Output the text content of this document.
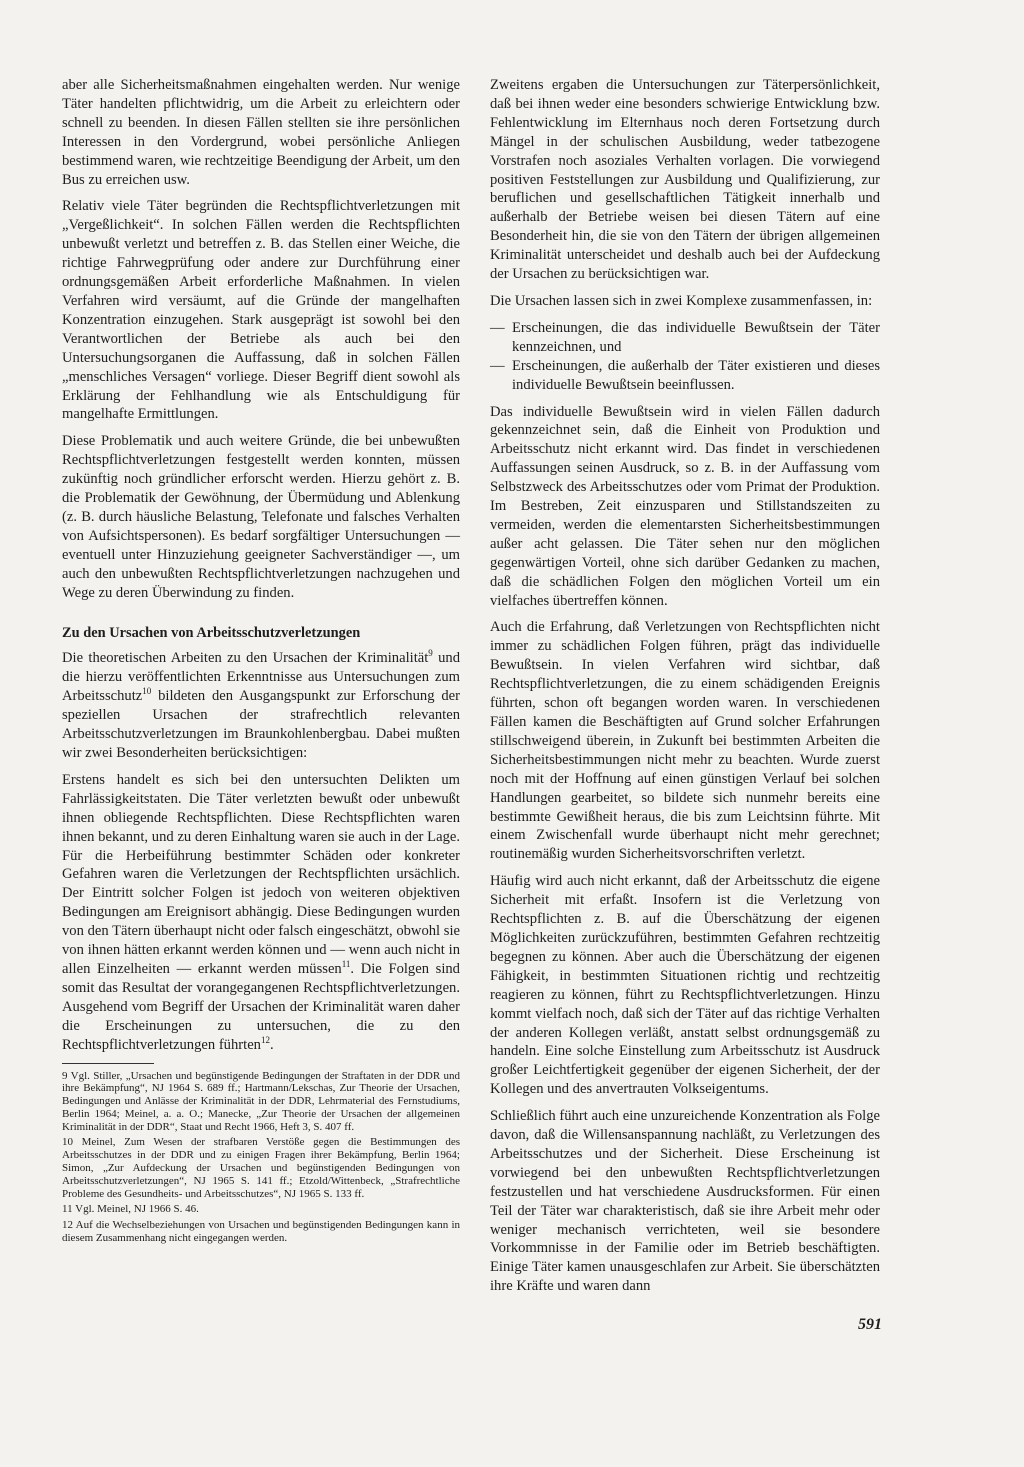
aber alle Sicherheitsmaßnahmen eingehalten werden. Nur wenige Täter handelten pflichtwidrig, um die Arbeit zu erleichtern oder schnell zu beenden. In diesen Fällen stellten sie ihre persönlichen Interessen in den Vordergrund, wobei persönliche Anliegen bestimmend waren, wie rechtzeitige Beendigung der Arbeit, um den Bus zu erreichen usw.

Relativ viele Täter begründen die Rechtspflichtverletzungen mit „Vergeßlichkeit“. In solchen Fällen werden die Rechtspflichten unbewußt verletzt und betreffen z. B. das Stellen einer Weiche, die richtige Fahrwegprüfung oder andere zur Durchführung einer ordnungsgemäßen Arbeit erforderliche Maßnahmen. In vielen Verfahren wird versäumt, auf die Gründe der mangelhaften Konzentration einzugehen. Stark ausgeprägt ist sowohl bei den Verantwortlichen der Betriebe als auch bei den Untersuchungsorganen die Auffassung, daß in solchen Fällen „menschliches Versagen“ vorliege. Dieser Begriff dient sowohl als Erklärung der Fehlhandlung wie als Entschuldigung für mangelhafte Ermittlungen.

Diese Problematik und auch weitere Gründe, die bei unbewußten Rechtspflichtverletzungen festgestellt werden konnten, müssen zukünftig noch gründlicher erforscht werden. Hierzu gehört z. B. die Problematik der Gewöhnung, der Übermüdung und Ablenkung (z. B. durch häusliche Belastung, Telefonate und falsches Verhalten von Aufsichtspersonen). Es bedarf sorgfältiger Untersuchungen — eventuell unter Hinzuziehung geeigneter Sachverständiger —, um auch den unbewußten Rechtspflichtverletzungen nachzugehen und Wege zu deren Überwindung zu finden.

Zu den Ursachen von Arbeitsschutzverletzungen

Die theoretischen Arbeiten zu den Ursachen der Kriminalität$^9$ und die hierzu veröffentlichten Erkenntnisse aus Untersuchungen zum Arbeitsschutz$^{10}$ bildeten den Ausgangspunkt zur Erforschung der speziellen Ursachen der strafrechtlich relevanten Arbeitsschutzverletzungen im Braunkohlenbergbau. Dabei mußten wir zwei Besonderheiten berücksichtigen:

Erstens handelt es sich bei den untersuchten Delikten um Fahrlässigkeitstaten. Die Täter verletzten bewußt oder unbewußt ihnen obliegende Rechtspflichten. Diese Rechtspflichten waren ihnen bekannt, und zu deren Einhaltung waren sie auch in der Lage. Für die Herbeiführung bestimmter Schäden oder konkreter Gefahren waren die Verletzungen der Rechtspflichten ursächlich. Der Eintritt solcher Folgen ist jedoch von weiteren objektiven Bedingungen am Ereignisort abhängig. Diese Bedingungen wurden von den Tätern überhaupt nicht oder falsch eingeschätzt, obwohl sie von ihnen hätten erkannt werden können und — wenn auch nicht in allen Einzelheiten — erkannt werden müssen$^{11}$. Die Folgen sind somit das Resultat der vorangegangenen Rechtspflichtverletzungen. Ausgehend vom Begriff der Ursachen der Kriminalität waren daher die Erscheinungen zu untersuchen, die zu den Rechtspflichtverletzungen führten$^{12}$.

9 Vgl. Stiller, „Ursachen und begünstigende Bedingungen der Straftaten in der DDR und ihre Bekämpfung“, NJ 1964 S. 689 ff.; Hartmann/Lekschas, Zur Theorie der Ursachen, Bedingungen und Anlässe der Kriminalität in der DDR, Lehrmaterial des Fernstudiums, Berlin 1964; Meinel, a. a. O.; Manecke, „Zur Theorie der Ursachen der allgemeinen Kriminalität in der DDR“, Staat und Recht 1966, Heft 3, S. 407 ff.

10 Meinel, Zum Wesen der strafbaren Verstöße gegen die Bestimmungen des Arbeitsschutzes in der DDR und zu einigen Fragen ihrer Bekämpfung, Berlin 1964; Simon, „Zur Aufdeckung der Ursachen und begünstigenden Bedingungen von Arbeitsschutzverletzungen“, NJ 1965 S. 141 ff.; Etzold/Wittenbeck, „Strafrechtliche Probleme des Gesundheits- und Arbeitsschutzes“, NJ 1965 S. 133 ff.

11 Vgl. Meinel, NJ 1966 S. 46.

12 Auf die Wechselbeziehungen von Ursachen und begünstigenden Bedingungen kann in diesem Zusammenhang nicht eingegangen werden.

Zweitens ergaben die Untersuchungen zur Täterpersönlichkeit, daß bei ihnen weder eine besonders schwierige Entwicklung bzw. Fehlentwicklung im Elternhaus noch deren Fortsetzung durch Mängel in der schulischen Ausbildung, weder tatbezogene Vorstrafen noch asoziales Verhalten vorlagen. Die vorwiegend positiven Feststellungen zur Ausbildung und Qualifizierung, zur beruflichen und gesellschaftlichen Tätigkeit innerhalb und außerhalb der Betriebe weisen bei diesen Tätern auf eine Besonderheit hin, die sie von den Tätern der übrigen allgemeinen Kriminalität unterscheidet und deshalb auch bei der Aufdeckung der Ursachen zu berücksichtigen war.

Die Ursachen lassen sich in zwei Komplexe zusammenfassen, in:

— Erscheinungen, die das individuelle Bewußtsein der Täter kennzeichnen, und
— Erscheinungen, die außerhalb der Täter existieren und dieses individuelle Bewußtsein beeinflussen.

Das individuelle Bewußtsein wird in vielen Fällen dadurch gekennzeichnet sein, daß die Einheit von Produktion und Arbeitsschutz nicht erkannt wird. Das findet in verschiedenen Auffassungen seinen Ausdruck, so z. B. in der Auffassung vom Selbstzweck des Arbeitsschutzes oder vom Primat der Produktion. Im Bestreben, Zeit einzusparen und Stillstandszeiten zu vermeiden, werden die elementarsten Sicherheitsbestimmungen außer acht gelassen. Die Täter sehen nur den möglichen gegenwärtigen Vorteil, ohne sich darüber Gedanken zu machen, daß die schädlichen Folgen den möglichen Vorteil um ein vielfaches übertreffen können.

Auch die Erfahrung, daß Verletzungen von Rechtspflichten nicht immer zu schädlichen Folgen führen, prägt das individuelle Bewußtsein. In vielen Verfahren wird sichtbar, daß Rechtspflichtverletzungen, die zu einem schädigenden Ereignis führten, schon oft begangen worden waren. In verschiedenen Fällen kamen die Beschäftigten auf Grund solcher Erfahrungen stillschweigend überein, in Zukunft bei bestimmten Arbeiten die Sicherheitsbestimmungen nicht mehr zu beachten. Wurde zuerst noch mit der Hoffnung auf einen günstigen Verlauf bei solchen Handlungen gearbeitet, so bildete sich nunmehr bereits eine bestimmte Gewißheit heraus, die bis zum Leichtsinn führte. Mit einem Zwischenfall wurde überhaupt nicht mehr gerechnet; routinemäßig wurden Sicherheitsvorschriften verletzt.

Häufig wird auch nicht erkannt, daß der Arbeitsschutz die eigene Sicherheit mit erfaßt. Insofern ist die Verletzung von Rechtspflichten z. B. auf die Überschätzung der eigenen Möglichkeiten zurückzuführen, bestimmten Gefahren rechtzeitig begegnen zu können. Aber auch die Überschätzung der eigenen Fähigkeit, in bestimmten Situationen richtig und rechtzeitig reagieren zu können, führt zu Rechtspflichtverletzungen. Hinzu kommt vielfach noch, daß sich der Täter auf das richtige Verhalten der anderen Kollegen verläßt, anstatt selbst ordnungsgemäß zu handeln. Eine solche Einstellung zum Arbeitsschutz ist Ausdruck großer Leichtfertigkeit gegenüber der eigenen Sicherheit, der der Kollegen und des anvertrauten Volkseigentums.

Schließlich führt auch eine unzureichende Konzentration als Folge davon, daß die Willensanspannung nachläßt, zu Verletzungen des Arbeitsschutzes und der Sicherheit. Diese Erscheinung ist vorwiegend bei den unbewußten Rechtspflichtverletzungen festzustellen und hat verschiedene Ausdrucksformen. Für einen Teil der Täter war charakteristisch, daß sie ihre Arbeit mehr oder weniger mechanisch verrichteten, weil sie besondere Vorkommnisse in der Familie oder im Betrieb beschäftigten. Einige Täter kamen unausgeschlafen zur Arbeit. Sie überschätzten ihre Kräfte und waren dann

591
